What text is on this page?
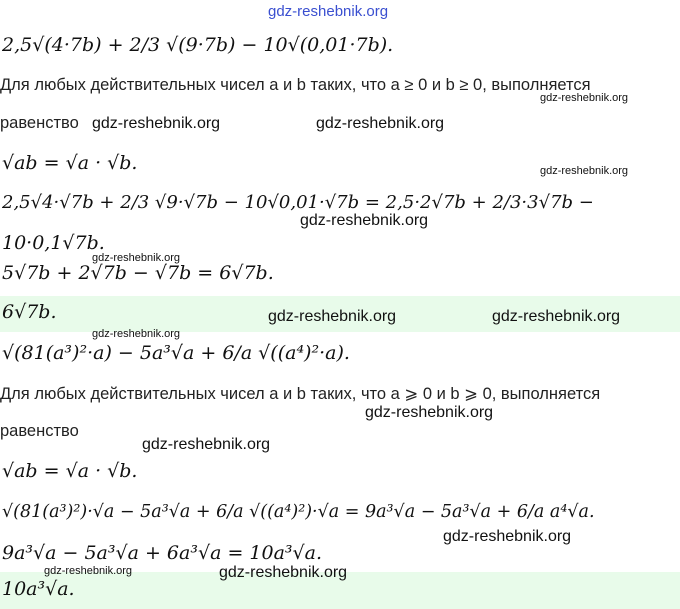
2,5√(4·7b) + 2/3 √(9·7b) − 10√(0,01·7b).
Для любых действительных чисел a и b таких, что a ≥ 0 и b ≥ 0, выполняется
равенство
√ab = √a · √b.
2,5√4·√7b + 2/3 √9·√7b − 10√0,01·√7b = 2,5·2√7b + 2/3·3√7b −
10·0,1√7b.
5√7b + 2√7b − √7b = 6√7b.
6√7b.
√(81(a³)²·a) − 5a³√a + 6/a √((a⁴)²·a).
Для любых действительных чисел a и b таких, что a ⩾ 0 и b ⩾ 0, выполняется
равенство
√ab = √a · √b.
√(81(a³)²)·√a − 5a³√a + 6/a √((a⁴)²)·√a = 9a³√a − 5a³√a + 6/a a⁴√a.
9a³√a − 5a³√a + 6a³√a = 10a³√a.
10a³√a.
gdz-reshebnik.org
gdz-reshebnik.org
gdz-reshebnik.org	gdz-reshebnik.org
gdz-reshebnik.org
gdz-reshebnik.org
gdz-reshebnik.org
gdz-reshebnik.org	gdz-reshebnik.org
gdz-reshebnik.org
gdz-reshebnik.org
gdz-reshebnik.org
gdz-reshebnik.org
gdz-reshebnik.org	gdz-reshebnik.org
